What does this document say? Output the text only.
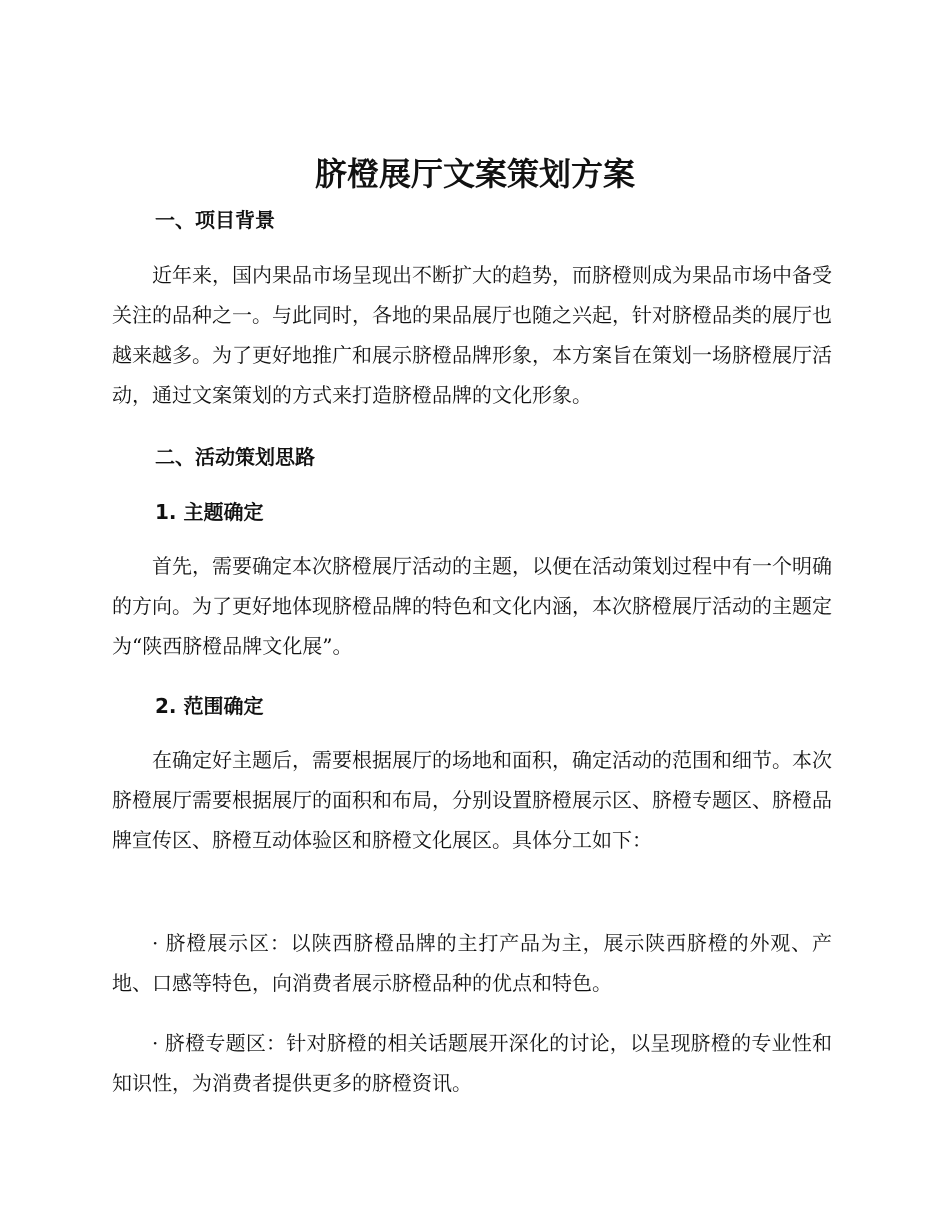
脐橙展厅文案策划方案
一、项目背景

近年来，国内果品市场呈现出不断扩大的趋势，而脐橙则成为果品市场中备受关注的品种之一。与此同时，各地的果品展厅也随之兴起，针对脐橙品类的展厅也越来越多。为了更好地推广和展示脐橙品牌形象，本方案旨在策划一场脐橙展厅活动，通过文案策划的方式来打造脐橙品牌的文化形象。

二、活动策划思路
1. 主题确定

首先，需要确定本次脐橙展厅活动的主题，以便在活动策划过程中有一个明确的方向。为了更好地体现脐橙品牌的特色和文化内涵，本次脐橙展厅活动的主题定为“陕西脐橙品牌文化展”。

2. 范围确定

在确定好主题后，需要根据展厅的场地和面积，确定活动的范围和细节。本次脐橙展厅需要根据展厅的面积和布局，分别设置脐橙展示区、脐橙专题区、脐橙品牌宣传区、脐橙互动体验区和脐橙文化展区。具体分工如下：

· 脐橙展示区：以陕西脐橙品牌的主打产品为主，展示陕西脐橙的外观、产地、口感等特色，向消费者展示脐橙品种的优点和特色。

· 脐橙专题区：针对脐橙的相关话题展开深化的讨论，以呈现脐橙的专业性和知识性，为消费者提供更多的脐橙资讯。
